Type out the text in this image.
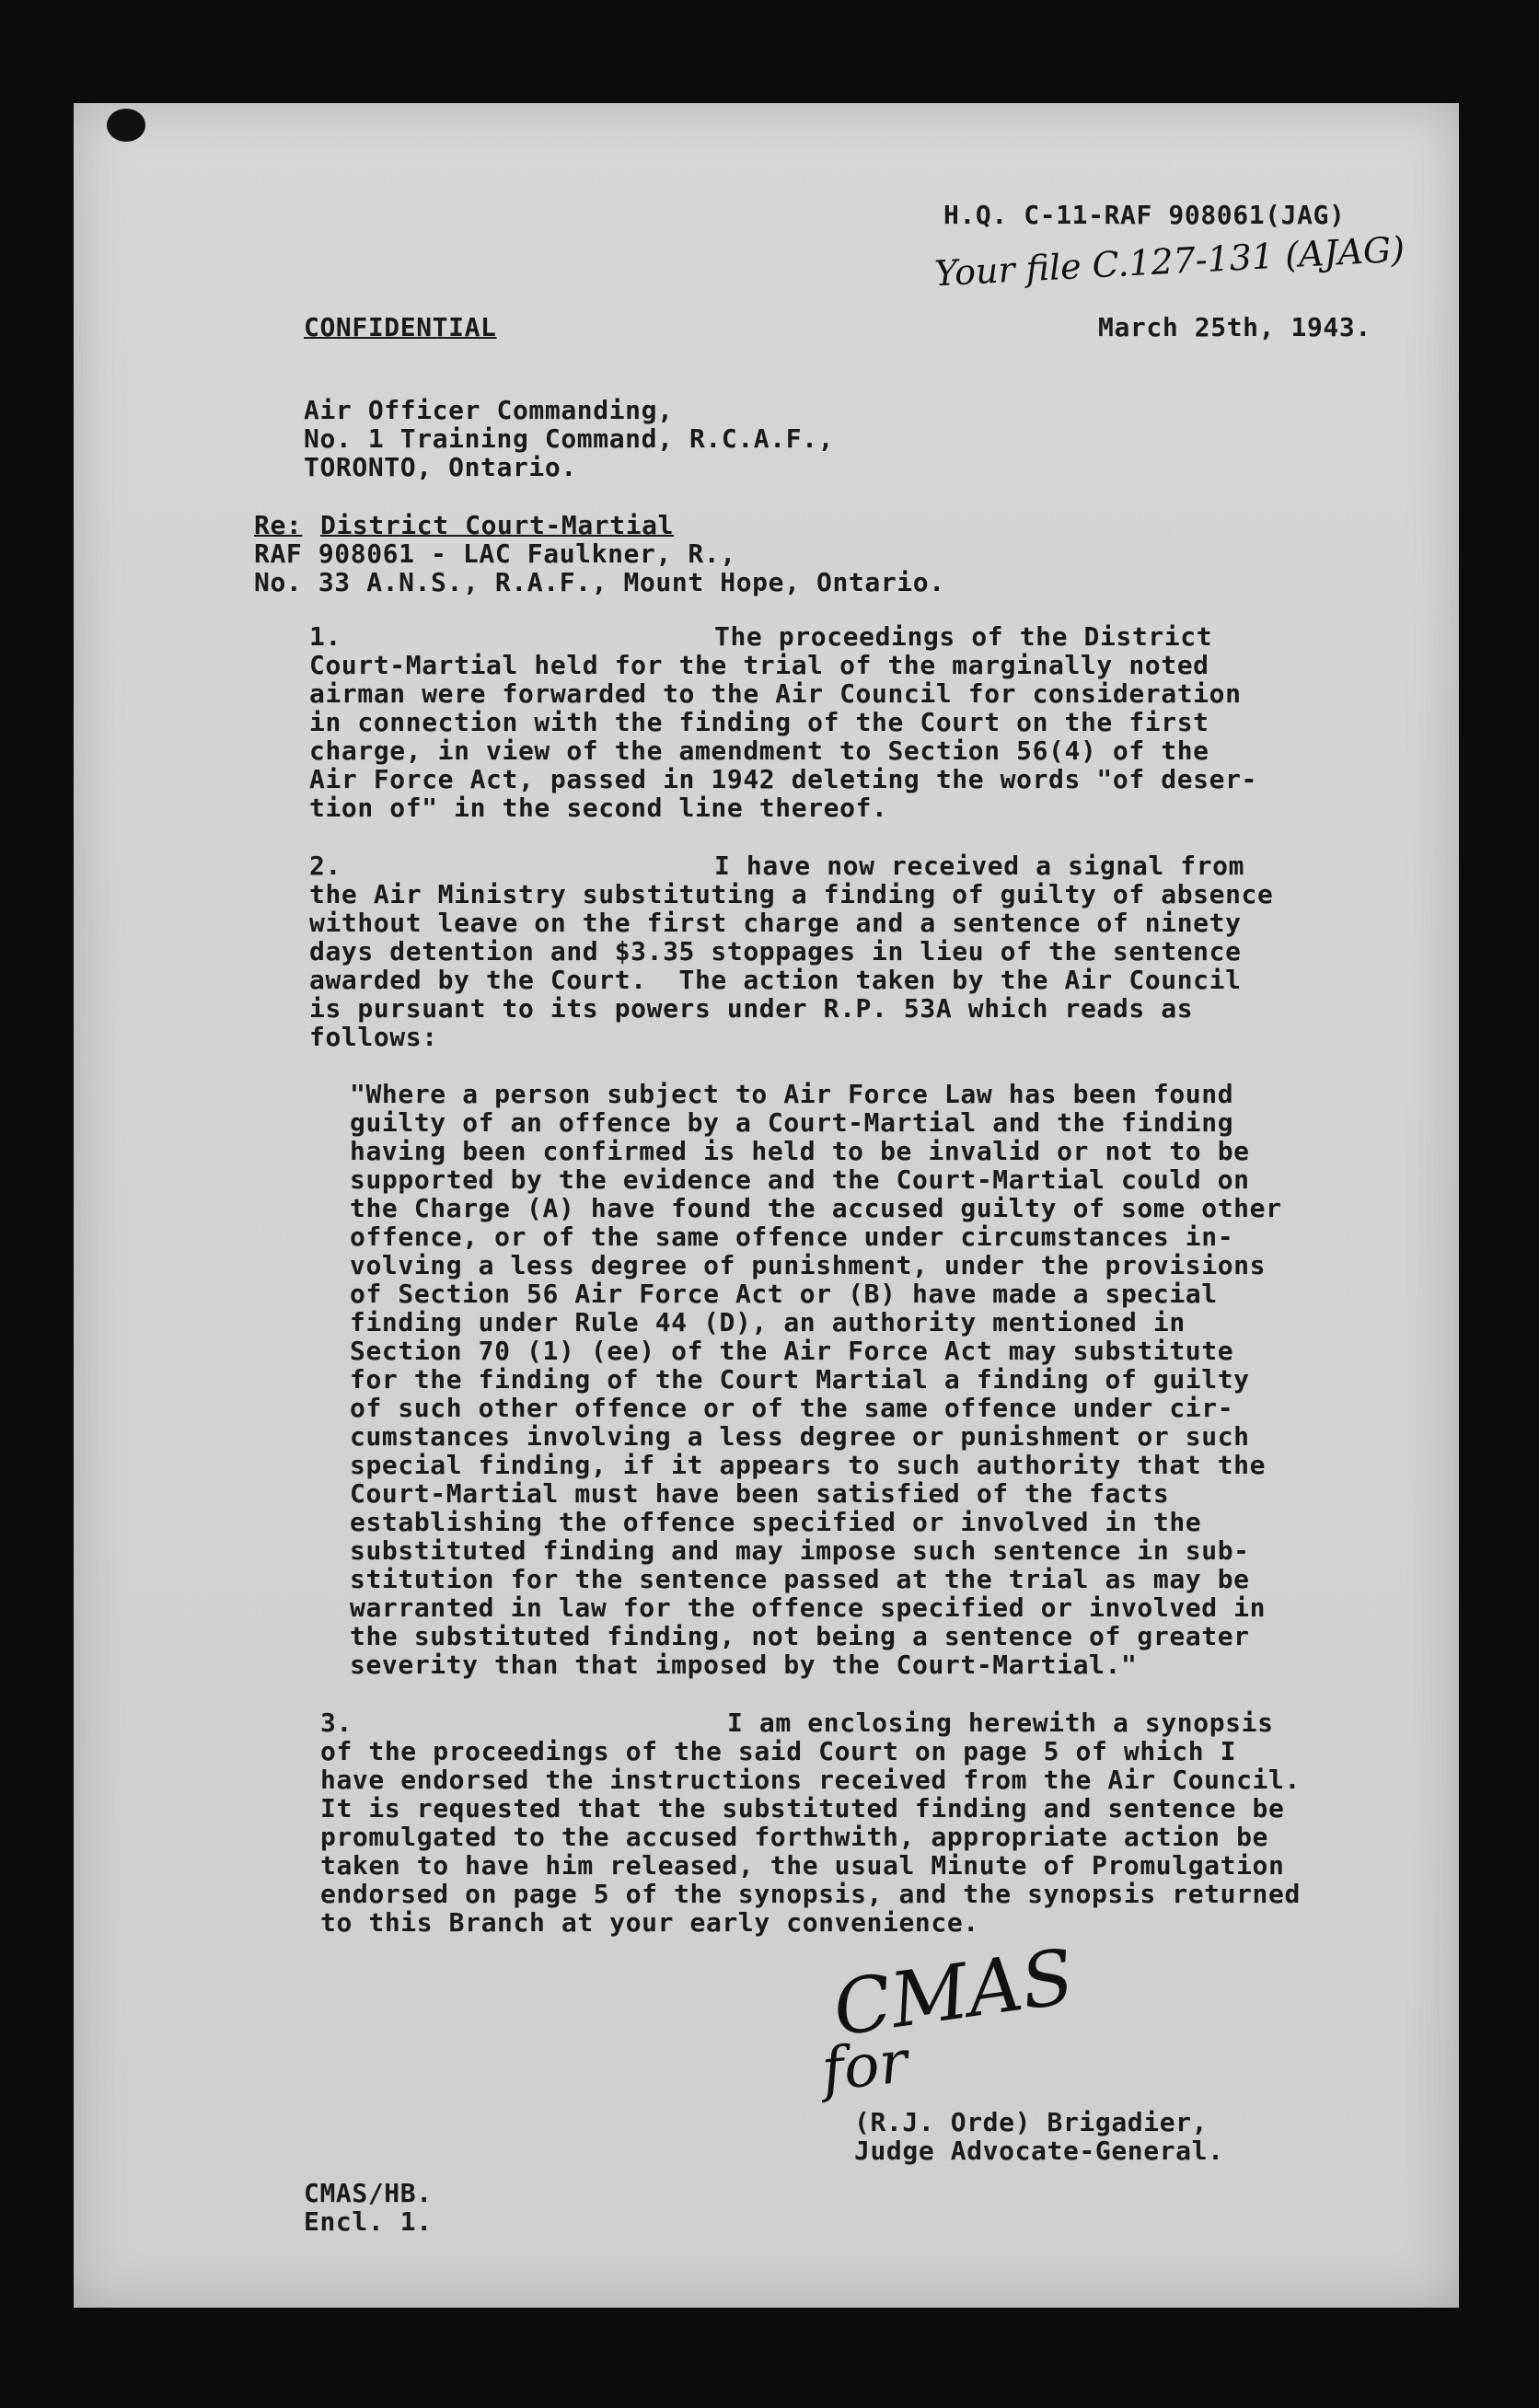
H.Q. C-11-RAF 908061(JAG)
Your file C.127-131 (AJAG)
CONFIDENTIAL	March 25th, 1943.
Air Officer Commanding,
No. 1 Training Command, R.C.A.F.,
TORONTO, Ontario.
Re: District Court-Martial
RAF 908061 - LAC Faulkner, R.,
No. 33 A.N.S., R.A.F., Mount Hope, Ontario.
1.	The proceedings of the District
Court-Martial held for the trial of the marginally noted
airman were forwarded to the Air Council for consideration
in connection with the finding of the Court on the first
charge, in view of the amendment to Section 56(4) of the
Air Force Act, passed in 1942 deleting the words "of deser-
tion of" in the second line thereof.
2.	I have now received a signal from
the Air Ministry substituting a finding of guilty of absence
without leave on the first charge and a sentence of ninety
days detention and $3.35 stoppages in lieu of the sentence
awarded by the Court.  The action taken by the Air Council
is pursuant to its powers under R.P. 53A which reads as
follows:
"Where a person subject to Air Force Law has been found
guilty of an offence by a Court-Martial and the finding
having been confirmed is held to be invalid or not to be
supported by the evidence and the Court-Martial could on
the Charge (A) have found the accused guilty of some other
offence, or of the same offence under circumstances in-
volving a less degree of punishment, under the provisions
of Section 56 Air Force Act or (B) have made a special
finding under Rule 44 (D), an authority mentioned in
Section 70 (1) (ee) of the Air Force Act may substitute
for the finding of the Court Martial a finding of guilty
of such other offence or of the same offence under cir-
cumstances involving a less degree or punishment or such
special finding, if it appears to such authority that the
Court-Martial must have been satisfied of the facts
establishing the offence specified or involved in the
substituted finding and may impose such sentence in sub-
stitution for the sentence passed at the trial as may be
warranted in law for the offence specified or involved in
the substituted finding, not being a sentence of greater
severity than that imposed by the Court-Martial."
3.	I am enclosing herewith a synopsis
of the proceedings of the said Court on page 5 of which I
have endorsed the instructions received from the Air Council.
It is requested that the substituted finding and sentence be
promulgated to the accused forthwith, appropriate action be
taken to have him released, the usual Minute of Promulgation
endorsed on page 5 of the synopsis, and the synopsis returned
to this Branch at your early convenience.
CMAS
for
(R.J. Orde) Brigadier,
Judge Advocate-General.
CMAS/HB.
Encl. 1.
